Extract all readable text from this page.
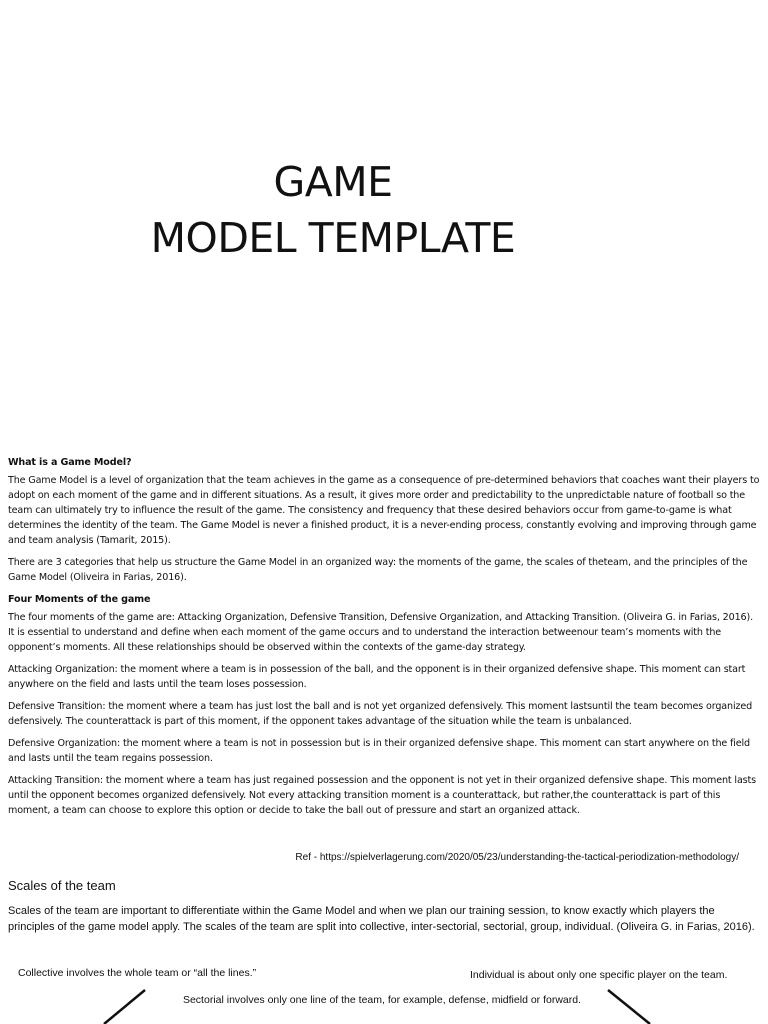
GAME
MODEL TEMPLATE
What is a Game Model?

The Game Model is a level of organization that the team achieves in the game as a consequence of pre-determined behaviors that coaches want their players to adopt on each moment of the game and in different situations. As a result, it gives more order and predictability to the unpredictable nature of football so the team can ultimately try to influence the result of the game. The consistency and frequency that these desired behaviors occur from game-to-game is what determines the identity of the team. The Game Model is never a finished product, it is a never-ending process, constantly evolving and improving through game and team analysis (Tamarit, 2015).

There are 3 categories that help us structure the Game Model in an organized way: the moments of the game, the scales of theteam, and the principles of the Game Model (Oliveira in Farias, 2016).

Four Moments of the game

The four moments of the game are: Attacking Organization, Defensive Transition, Defensive Organization, and Attacking Transition. (Oliveira G. in Farias, 2016). It is essential to understand and define when each moment of the game occurs and to understand the interaction betweenour team’s moments with the opponent’s moments. All these relationships should be observed within the contexts of the game-day strategy.

Attacking Organization: the moment where a team is in possession of the ball, and the opponent is in their organized defensive shape. This moment can start anywhere on the field and lasts until the team loses possession.

Defensive Transition: the moment where a team has just lost the ball and is not yet organized defensively. This moment lastsuntil the team becomes organized defensively. The counterattack is part of this moment, if the opponent takes advantage of the situation while the team is unbalanced.

Defensive Organization: the moment where a team is not in possession but is in their organized defensive shape. This moment can start anywhere on the field and lasts until the team regains possession.

Attacking Transition: the moment where a team has just regained possession and the opponent is not yet in their organized defensive shape. This moment lasts until the opponent becomes organized defensively. Not every attacking transition moment is a counterattack, but rather,the counterattack is part of this moment, a team can choose to explore this option or decide to take the ball out of pressure and start an organized attack.

Ref - https://spielverlagerung.com/2020/05/23/understanding-the-tactical-periodization-methodology/
Scales of the team

Scales of the team are important to differentiate within the Game Model and when we plan our training session, to know exactly which players the principles of the game model apply. The scales of the team are split into collective, inter-sectorial, sectorial, group, individual. (Oliveira G. in Farias, 2016).

Collective involves the whole team or “all the lines.”	Individual is about only one specific player on the team.

Sectorial involves only one line of the team, for example, defense, midfield or forward.
